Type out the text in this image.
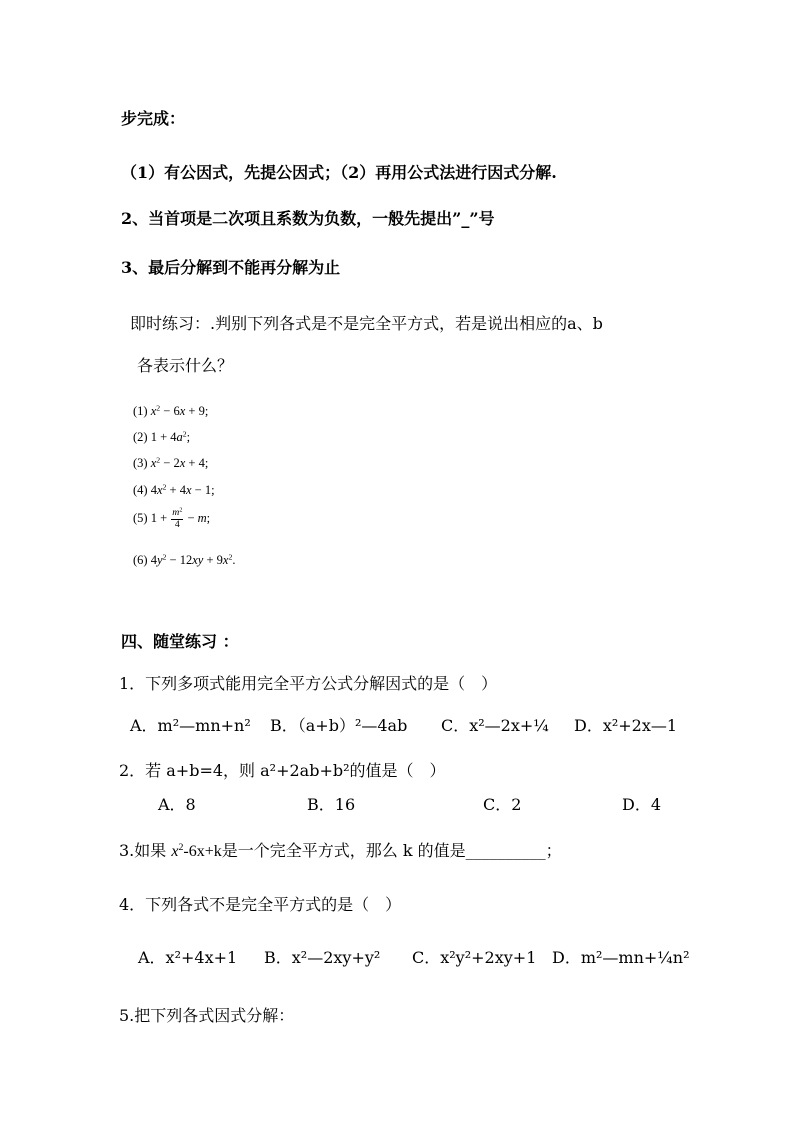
步完成：
（1）有公因式，先提公因式；（2）再用公式法进行因式分解.
2、当首项是二次项且系数为负数，一般先提出”_”号
3、最后分解到不能再分解为止
即时练习：.判别下列各式是不是完全平方式，若是说出相应的a、b
各表示什么？
(1) $x^2 - 6x + 9$;
(2) $1 + 4a^2$;
(3) $x^2 - 2x + 4$;
(4) $4x^2 + 4x - 1$;
(5) $1 + \frac{m^2}{4} - m$;
(6) $4y^2 - 12xy + 9x^2$.
四、随堂练习 ：
1．下列多项式能用完全平方公式分解因式的是（　）
A．m²—mn+n² B．（a+b）²—4ab C．x²—2x+¼ D．x²+2x—1
2．若 a+b=4，则 a²+2ab+b²的值是（　）
A．8	B．16	C．2	D．4
3.如果 $x^2-6x+k$是一个完全平方式，那么 k 的值是__________；
4．下列各式不是完全平方式的是（　）
A．x²+4x+1 B．x²—2xy+y² C．x²y²+2xy+1 D．m²—mn+¼n²
5.把下列各式因式分解：
